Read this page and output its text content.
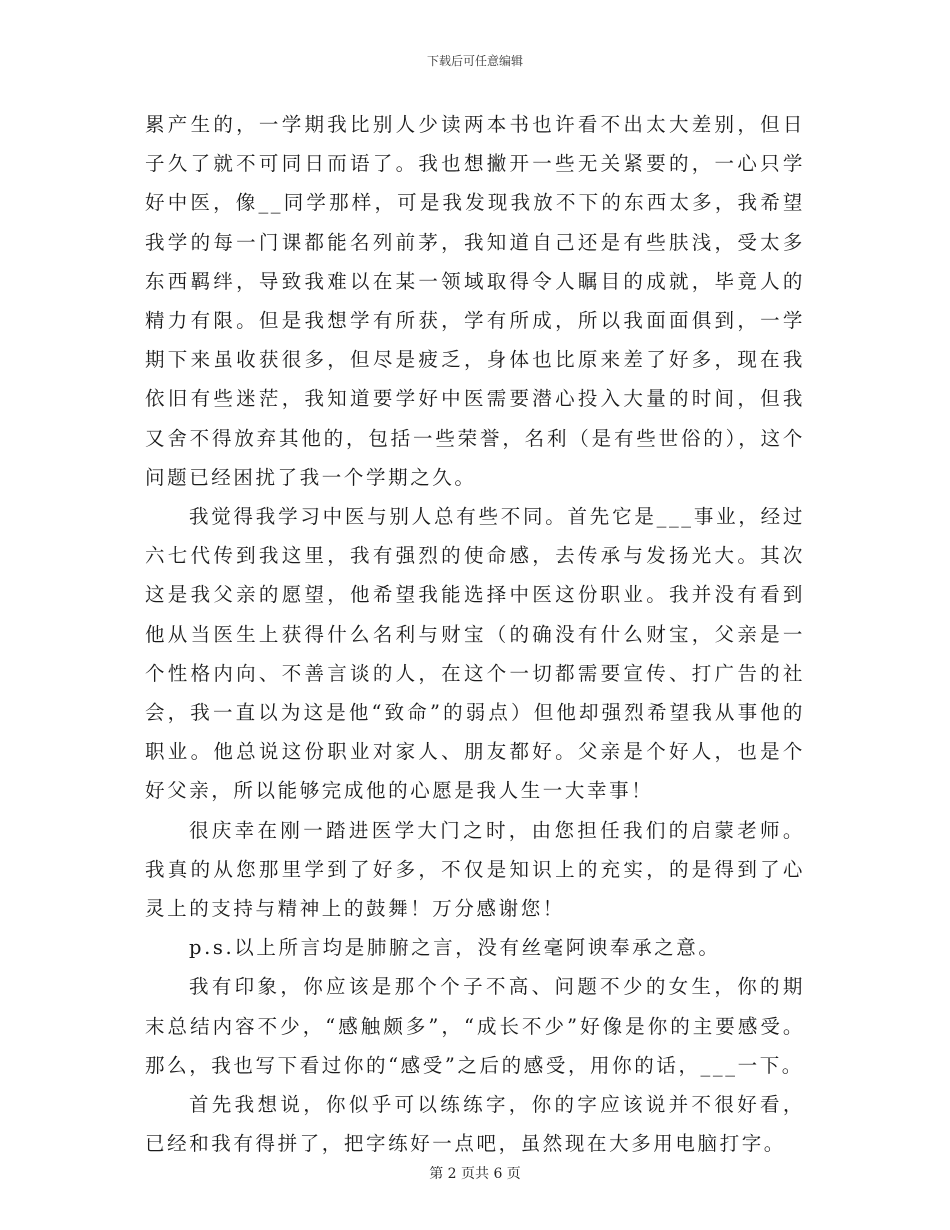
下载后可任意编辑

累产生的，一学期我比别人少读两本书也许看不出太大差别，但日子久了就不可同日而语了。我也想撇开一些无关紧要的，一心只学好中医，像__同学那样，可是我发现我放不下的东西太多，我希望我学的每一门课都能名列前茅，我知道自己还是有些肤浅，受太多东西羁绊，导致我难以在某一领域取得令人瞩目的成就，毕竟人的精力有限。但是我想学有所获，学有所成，所以我面面俱到，一学期下来虽收获很多，但尽是疲乏，身体也比原来差了好多，现在我依旧有些迷茫，我知道要学好中医需要潜心投入大量的时间，但我又舍不得放弃其他的，包括一些荣誉，名利（是有些世俗的），这个问题已经困扰了我一个学期之久。

我觉得我学习中医与别人总有些不同。首先它是___事业，经过六七代传到我这里，我有强烈的使命感，去传承与发扬光大。其次这是我父亲的愿望，他希望我能选择中医这份职业。我并没有看到他从当医生上获得什么名利与财宝（的确没有什么财宝，父亲是一个性格内向、不善言谈的人，在这个一切都需要宣传、打广告的社会，我一直以为这是他“致命”的弱点）但他却强烈希望我从事他的职业。他总说这份职业对家人、朋友都好。父亲是个好人，也是个好父亲，所以能够完成他的心愿是我人生一大幸事！

很庆幸在刚一踏进医学大门之时，由您担任我们的启蒙老师。我真的从您那里学到了好多，不仅是知识上的充实，的是得到了心灵上的支持与精神上的鼓舞！万分感谢您！

p.s.以上所言均是肺腑之言，没有丝毫阿谀奉承之意。

我有印象，你应该是那个个子不高、问题不少的女生，你的期末总结内容不少，“感触颇多”，“成长不少”好像是你的主要感受。那么，我也写下看过你的“感受”之后的感受，用你的话，___一下。

首先我想说，你似乎可以练练字，你的字应该说并不很好看，已经和我有得拼了，把字练好一点吧，虽然现在大多用电脑打字。

第 2 页共 6 页
